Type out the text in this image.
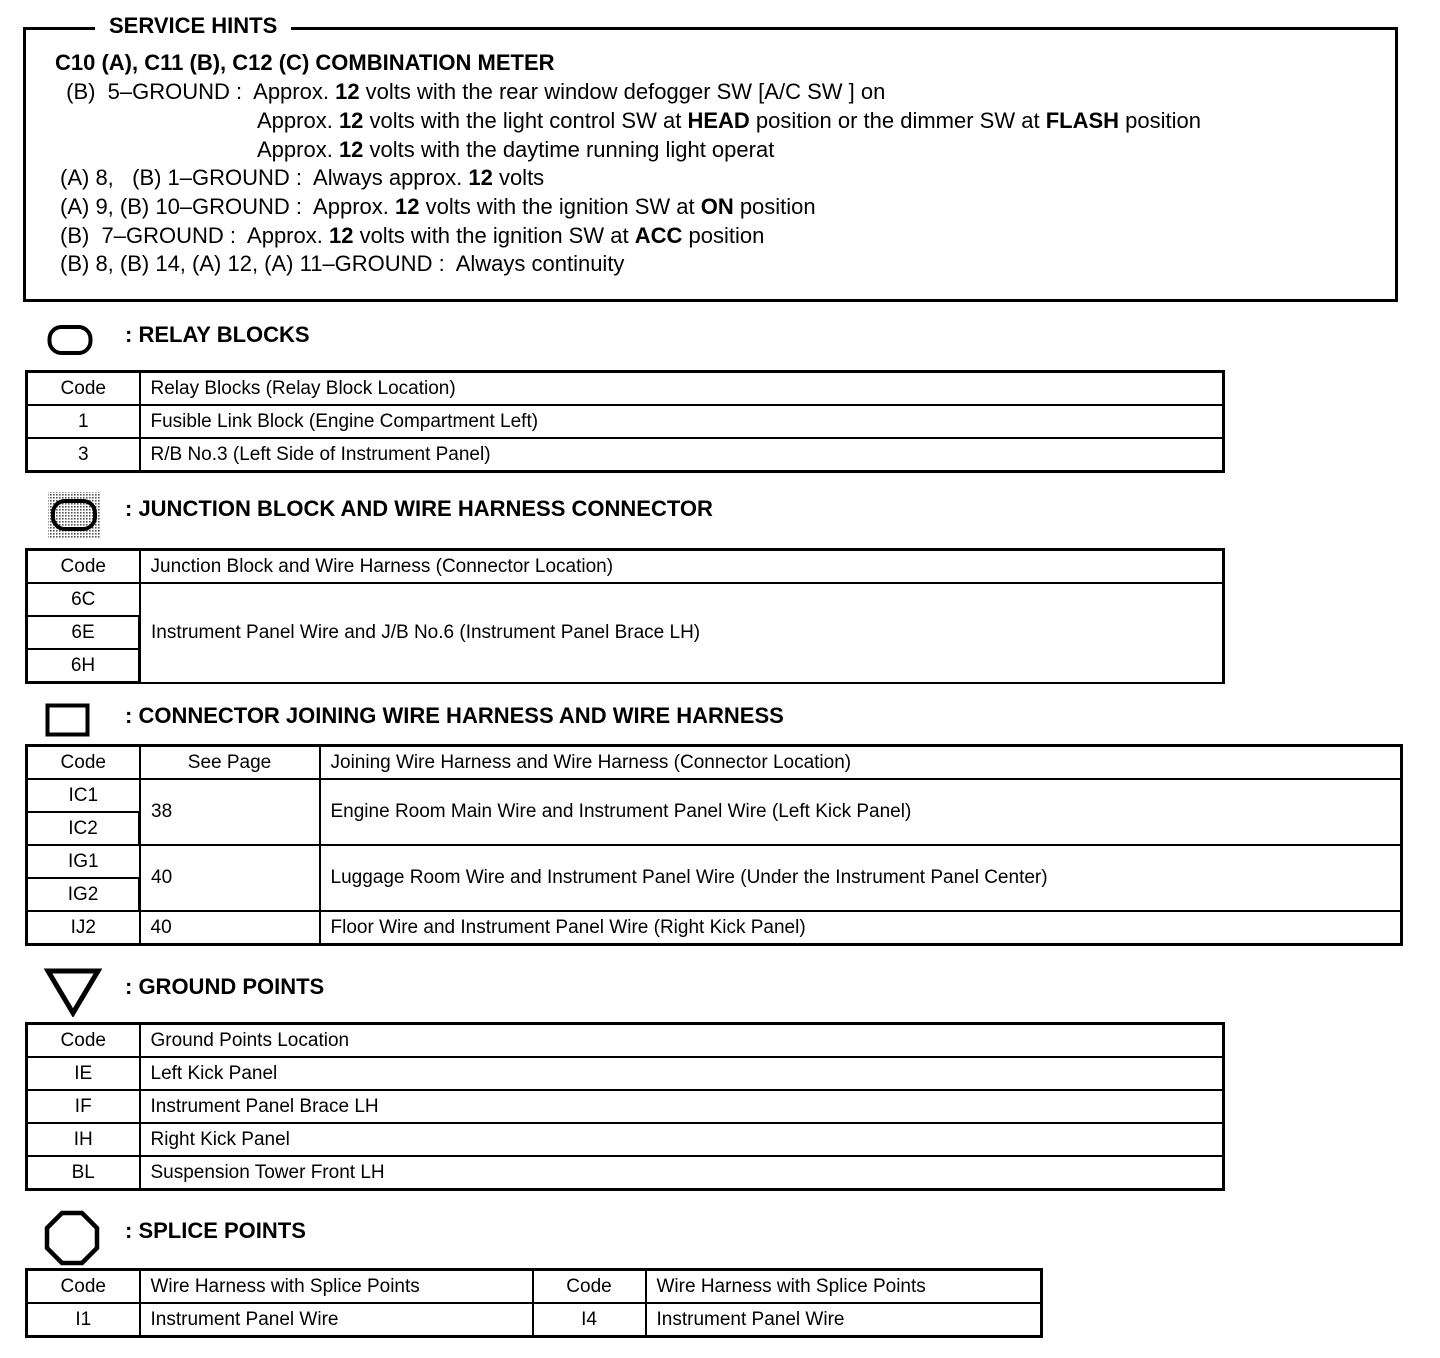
SERVICE HINTS
C10 (A), C11 (B), C12 (C) COMBINATION METER
(B)  5–GROUND :  Approx. 12 volts with the rear window defogger SW [A/C SW ] on
Approx. 12 volts with the light control SW at HEAD position or the dimmer SW at FLASH position
Approx. 12 volts with the daytime running light operat
(A) 8,   (B) 1–GROUND :  Always approx. 12 volts
(A) 9, (B) 10–GROUND :  Approx. 12 volts with the ignition SW at ON position
(B)  7–GROUND :  Approx. 12 volts with the ignition SW at ACC position
(B) 8, (B) 14, (A) 12, (A) 11–GROUND :  Always continuity
: RELAY BLOCKS
Code	Relay Blocks (Relay Block Location)
1	Fusible Link Block (Engine Compartment Left)
3	R/B No.3 (Left Side of Instrument Panel)
: JUNCTION BLOCK AND WIRE HARNESS CONNECTOR
Code	Junction Block and Wire Harness (Connector Location)
6C	Instrument Panel Wire and J/B No.6 (Instrument Panel Brace LH)
6E	
6H	
: CONNECTOR JOINING WIRE HARNESS AND WIRE HARNESS
Code	See Page	Joining Wire Harness and Wire Harness (Connector Location)
IC1	38	Engine Room Main Wire and Instrument Panel Wire (Left Kick Panel)
IC2		
IG1	40	Luggage Room Wire and Instrument Panel Wire (Under the Instrument Panel Center)
IG2		
IJ2	40	Floor Wire and Instrument Panel Wire (Right Kick Panel)
: GROUND POINTS
Code	Ground Points Location
IE	Left Kick Panel
IF	Instrument Panel Brace LH
IH	Right Kick Panel
BL	Suspension Tower Front LH
: SPLICE POINTS
Code	Wire Harness with Splice Points	Code	Wire Harness with Splice Points
I1	Instrument Panel Wire	I4	Instrument Panel Wire
